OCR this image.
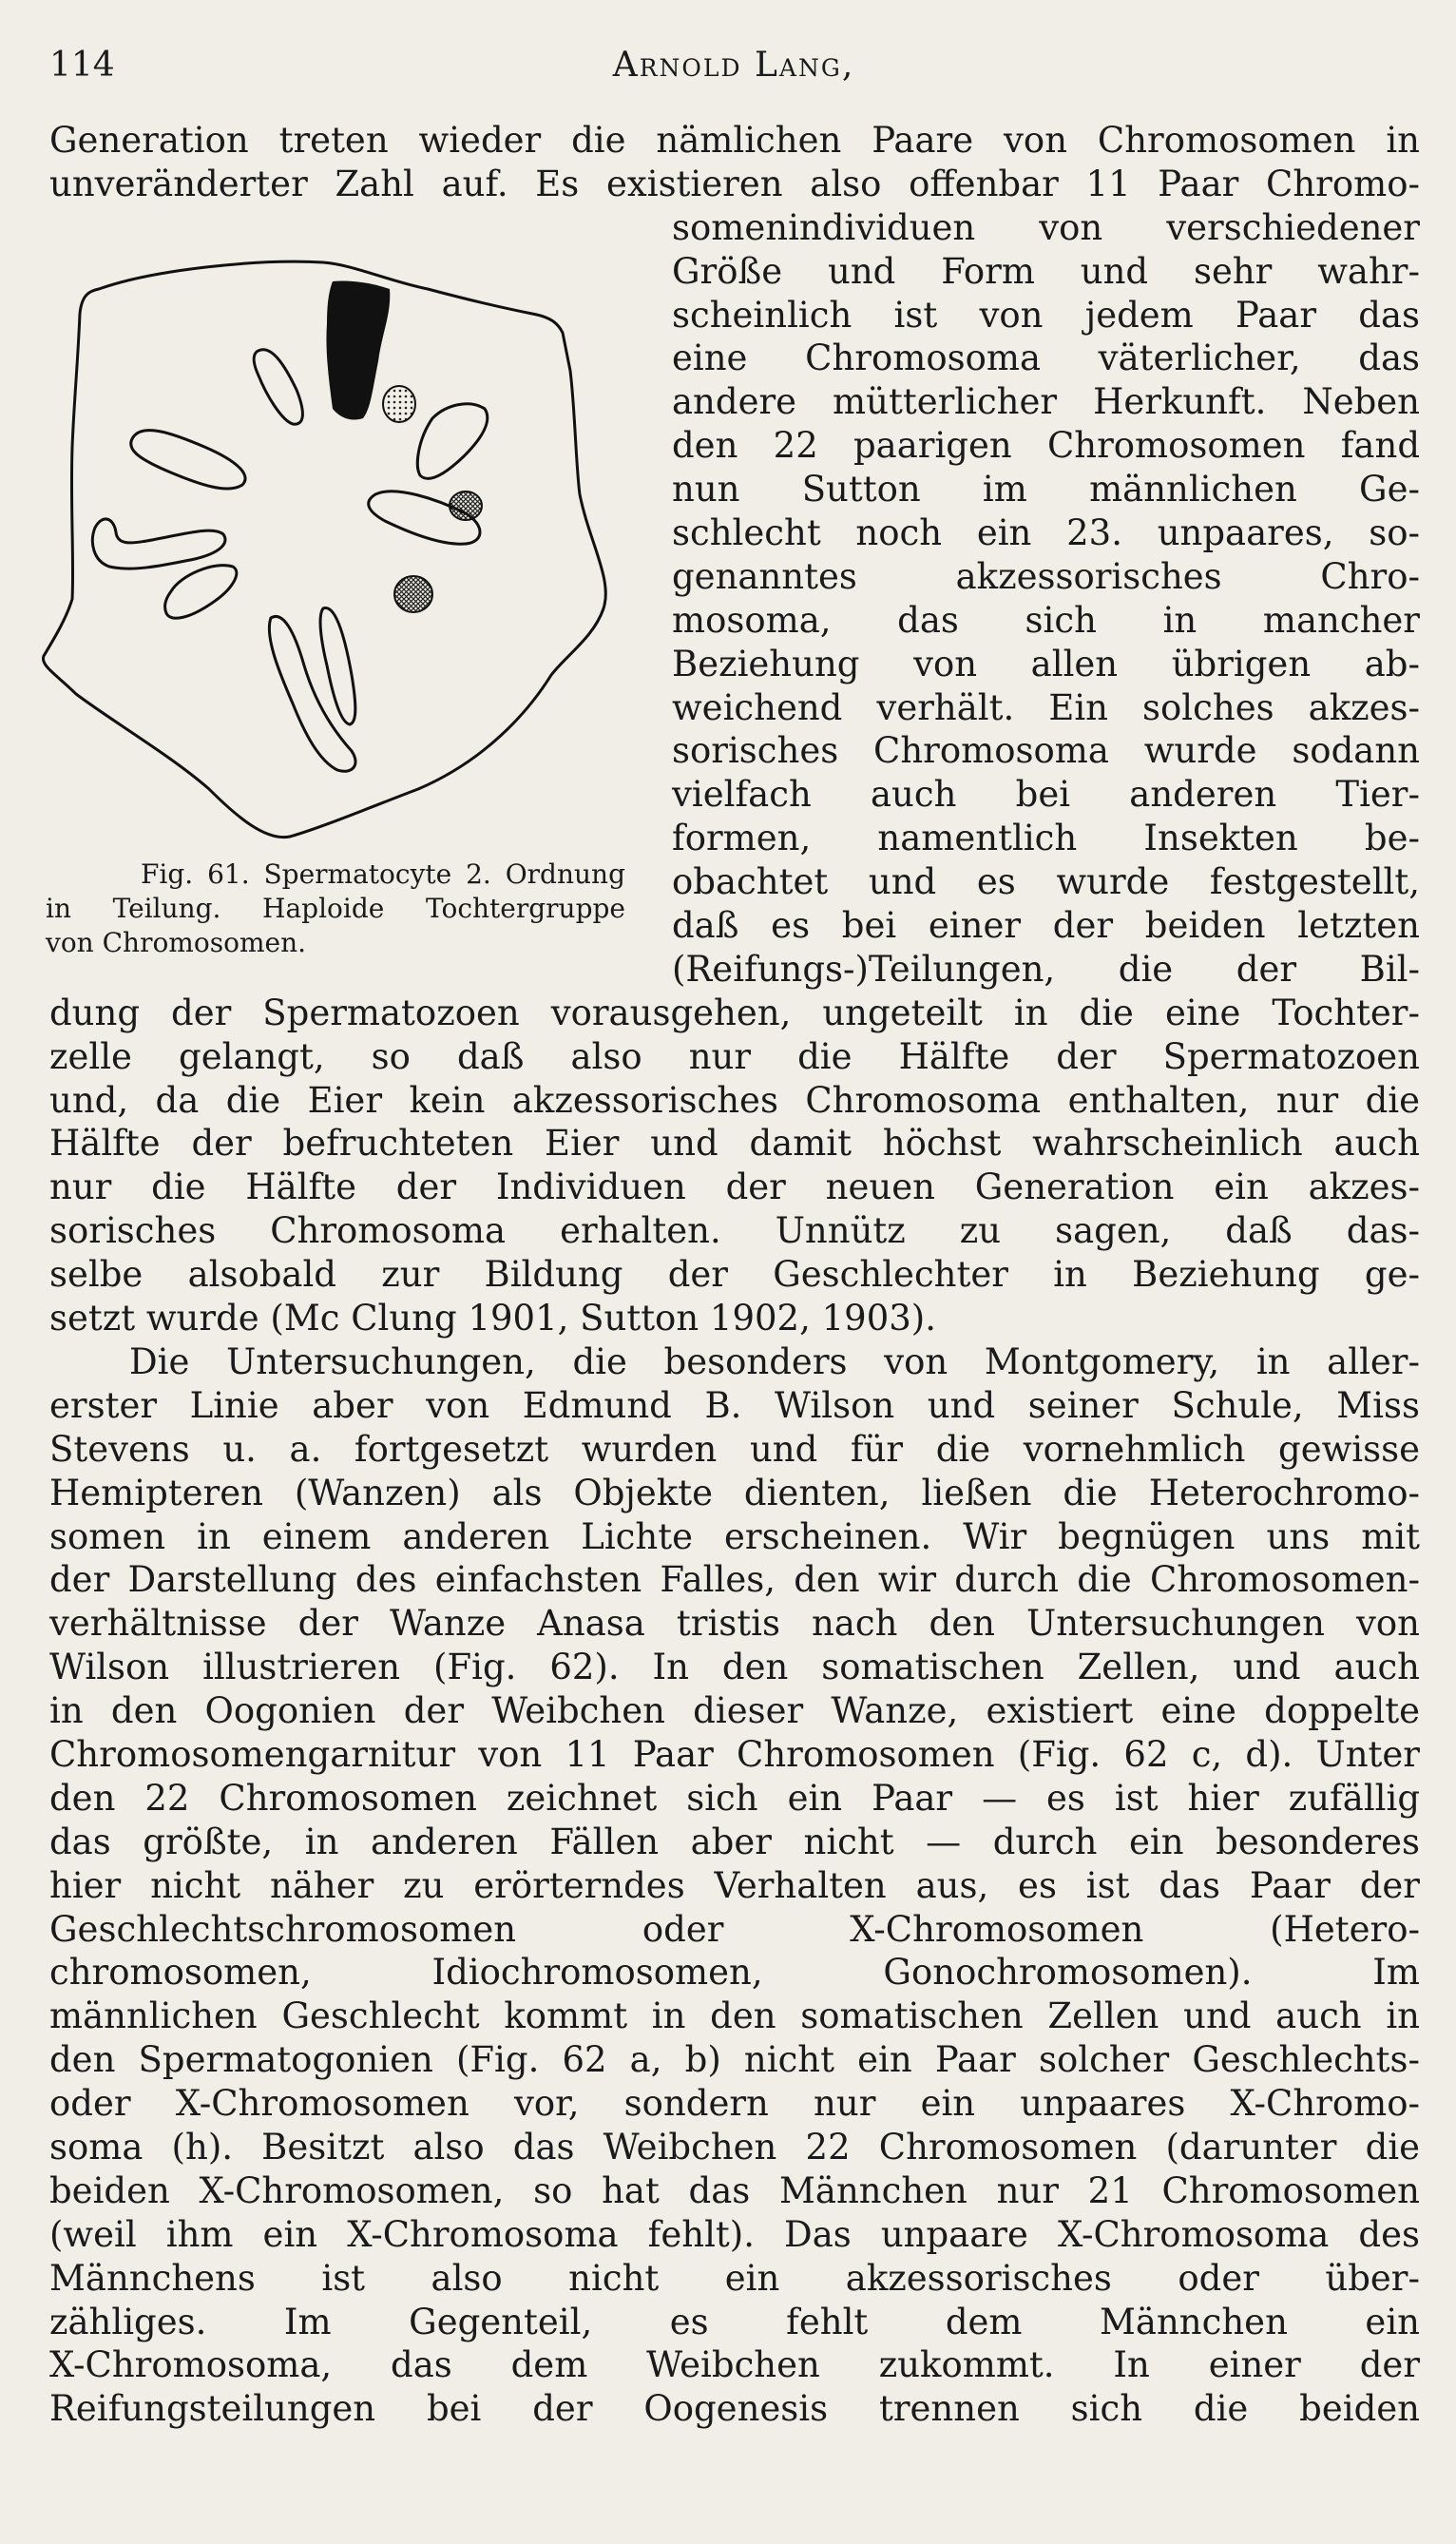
114	Arnold Lang,
Fig. 61. Spermatocyte 2. Ordnung
in Teilung. Haploide Tochtergruppe
von Chromosomen.
Generation treten wieder die nämlichen Paare von Chromosomen in
unveränderter Zahl auf. Es existieren also offenbar 11 Paar Chromo-
somenindividuen von verschiedener
Größe und Form und sehr wahr-
scheinlich ist von jedem Paar das
eine Chromosoma väterlicher, das
andere mütterlicher Herkunft. Neben
den 22 paarigen Chromosomen fand
nun Sutton im männlichen Ge-
schlecht noch ein 23. unpaares, so-
genanntes akzessorisches Chro-
mosoma, das sich in mancher
Beziehung von allen übrigen ab-
weichend verhält. Ein solches akzes-
sorisches Chromosoma wurde sodann
vielfach auch bei anderen Tier-
formen, namentlich Insekten be-
obachtet und es wurde festgestellt,
daß es bei einer der beiden letzten
(Reifungs-)Teilungen, die der Bil-
dung der Spermatozoen vorausgehen, ungeteilt in die eine Tochter-
zelle gelangt, so daß also nur die Hälfte der Spermatozoen
und, da die Eier kein akzessorisches Chromosoma enthalten, nur die
Hälfte der befruchteten Eier und damit höchst wahrscheinlich auch
nur die Hälfte der Individuen der neuen Generation ein akzes-
sorisches Chromosoma erhalten. Unnütz zu sagen, daß das-
selbe alsobald zur Bildung der Geschlechter in Beziehung ge-
setzt wurde (Mc Clung 1901, Sutton 1902, 1903).
Die Untersuchungen, die besonders von Montgomery, in aller-
erster Linie aber von Edmund B. Wilson und seiner Schule, Miss
Stevens u. a. fortgesetzt wurden und für die vornehmlich gewisse
Hemipteren (Wanzen) als Objekte dienten, ließen die Heterochromo-
somen in einem anderen Lichte erscheinen. Wir begnügen uns mit
der Darstellung des einfachsten Falles, den wir durch die Chromosomen-
verhältnisse der Wanze Anasa tristis nach den Untersuchungen von
Wilson illustrieren (Fig. 62). In den somatischen Zellen, und auch
in den Oogonien der Weibchen dieser Wanze, existiert eine doppelte
Chromosomengarnitur von 11 Paar Chromosomen (Fig. 62 c, d). Unter
den 22 Chromosomen zeichnet sich ein Paar — es ist hier zufällig
das größte, in anderen Fällen aber nicht — durch ein besonderes
hier nicht näher zu erörterndes Verhalten aus, es ist das Paar der
Geschlechtschromosomen oder X-Chromosomen (Hetero-
chromosomen, Idiochromosomen, Gonochromosomen). Im
männlichen Geschlecht kommt in den somatischen Zellen und auch in
den Spermatogonien (Fig. 62 a, b) nicht ein Paar solcher Geschlechts-
oder X-Chromosomen vor, sondern nur ein unpaares X-Chromo-
soma (h). Besitzt also das Weibchen 22 Chromosomen (darunter die
beiden X-Chromosomen, so hat das Männchen nur 21 Chromosomen
(weil ihm ein X-Chromosoma fehlt). Das unpaare X-Chromosoma des
Männchens ist also nicht ein akzessorisches oder über-
zähliges. Im Gegenteil, es fehlt dem Männchen ein
X-Chromosoma, das dem Weibchen zukommt. In einer der
Reifungsteilungen bei der Oogenesis trennen sich die beiden
